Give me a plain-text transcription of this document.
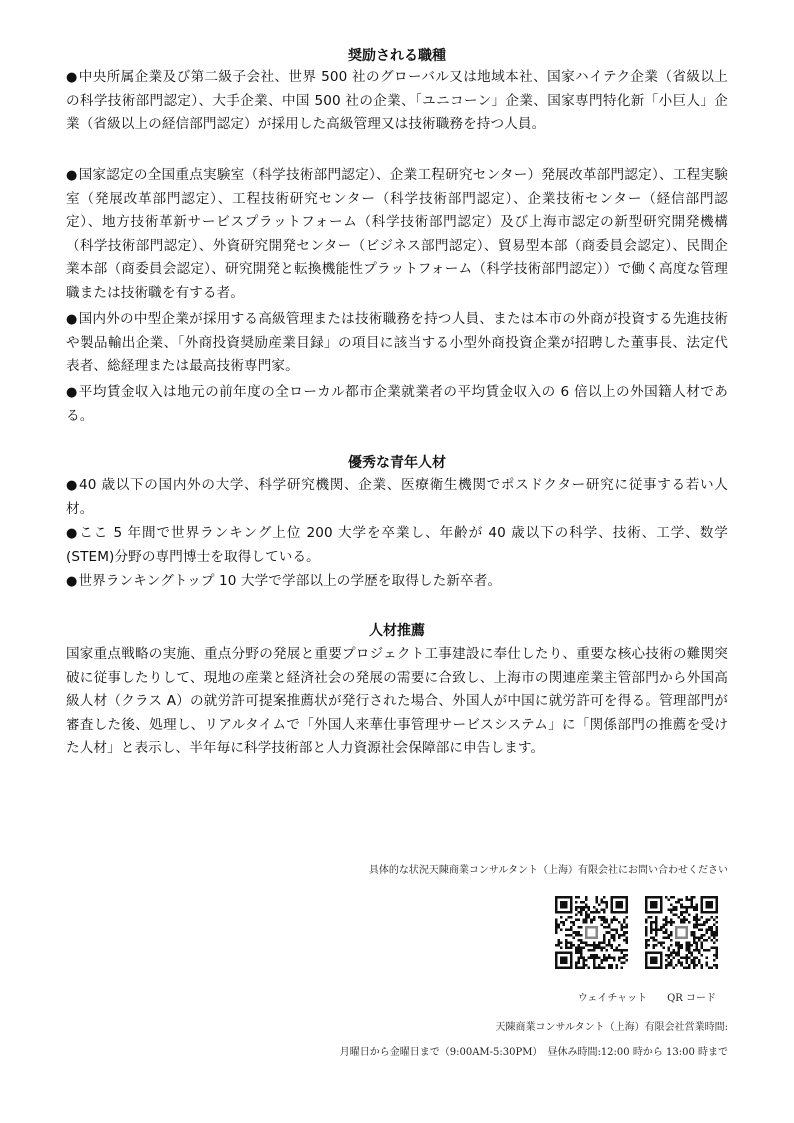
奨励される職種

●中央所属企業及び第二級子会社、世界 500 社のグローバル又は地域本社、国家ハイテク企業（省級以上の科学技術部門認定）、大手企業、中国 500 社の企業、「ユニコーン」企業、国家専門特化新「小巨人」企業（省級以上の経信部門認定）が採用した高級管理又は技術職務を持つ人員。

●国家認定の全国重点実験室（科学技術部門認定）、企業工程研究センター）発展改革部門認定）、工程実験室（発展改革部門認定）、工程技術研究センター（科学技術部門認定）、企業技術センター（経信部門認定）、地方技術革新サービスプラットフォーム（科学技術部門認定）及び上海市認定の新型研究開発機構（科学技術部門認定）、外資研究開発センター（ビジネス部門認定）、貿易型本部（商委員会認定）、民間企業本部（商委員会認定）、研究開発と転換機能性プラットフォーム（科学技術部門認定））で働く高度な管理職または技術職を有する者。

●国内外の中型企業が採用する高級管理または技術職務を持つ人員、または本市の外商が投資する先進技術や製品輸出企業、「外商投資奨励産業目録」の項目に該当する小型外商投資企業が招聘した董事長、法定代表者、総経理または最高技術専門家。

●平均賃金収入は地元の前年度の全ローカル都市企業就業者の平均賃金収入の 6 倍以上の外国籍人材である。

優秀な青年人材

●40 歳以下の国内外の大学、科学研究機関、企業、医療衛生機関でポスドクター研究に従事する若い人材。

●ここ 5 年間で世界ランキング上位 200 大学を卒業し、年齢が 40 歳以下の科学、技術、工学、数学(STEM)分野の専門博士を取得している。

●世界ランキングトップ 10 大学で学部以上の学歴を取得した新卒者。

人材推薦

国家重点戦略の実施、重点分野の発展と重要プロジェクト工事建設に奉仕したり、重要な核心技術の難関突破に従事したりして、現地の産業と経済社会の発展の需要に合致し、上海市の関連産業主管部門から外国高級人材（クラス A）の就労許可提案推薦状が発行された場合、外国人が中国に就労許可を得る。管理部門が審査した後、処理し、リアルタイムで「外国人来華仕事管理サービスシステム」に「関係部門の推薦を受けた人材」と表示し、半年毎に科学技術部と人力資源社会保障部に申告します。

具体的な状況天陳商業コンサルタント（上海）有限会社にお問い合わせください
ウェイチャット　　QR コード
天陳商業コンサルタント（上海）有限会社営業時間:
月曜日から金曜日まで（9:00AM-5:30PM）　昼休み時間:12:00 時から 13:00 時まで
